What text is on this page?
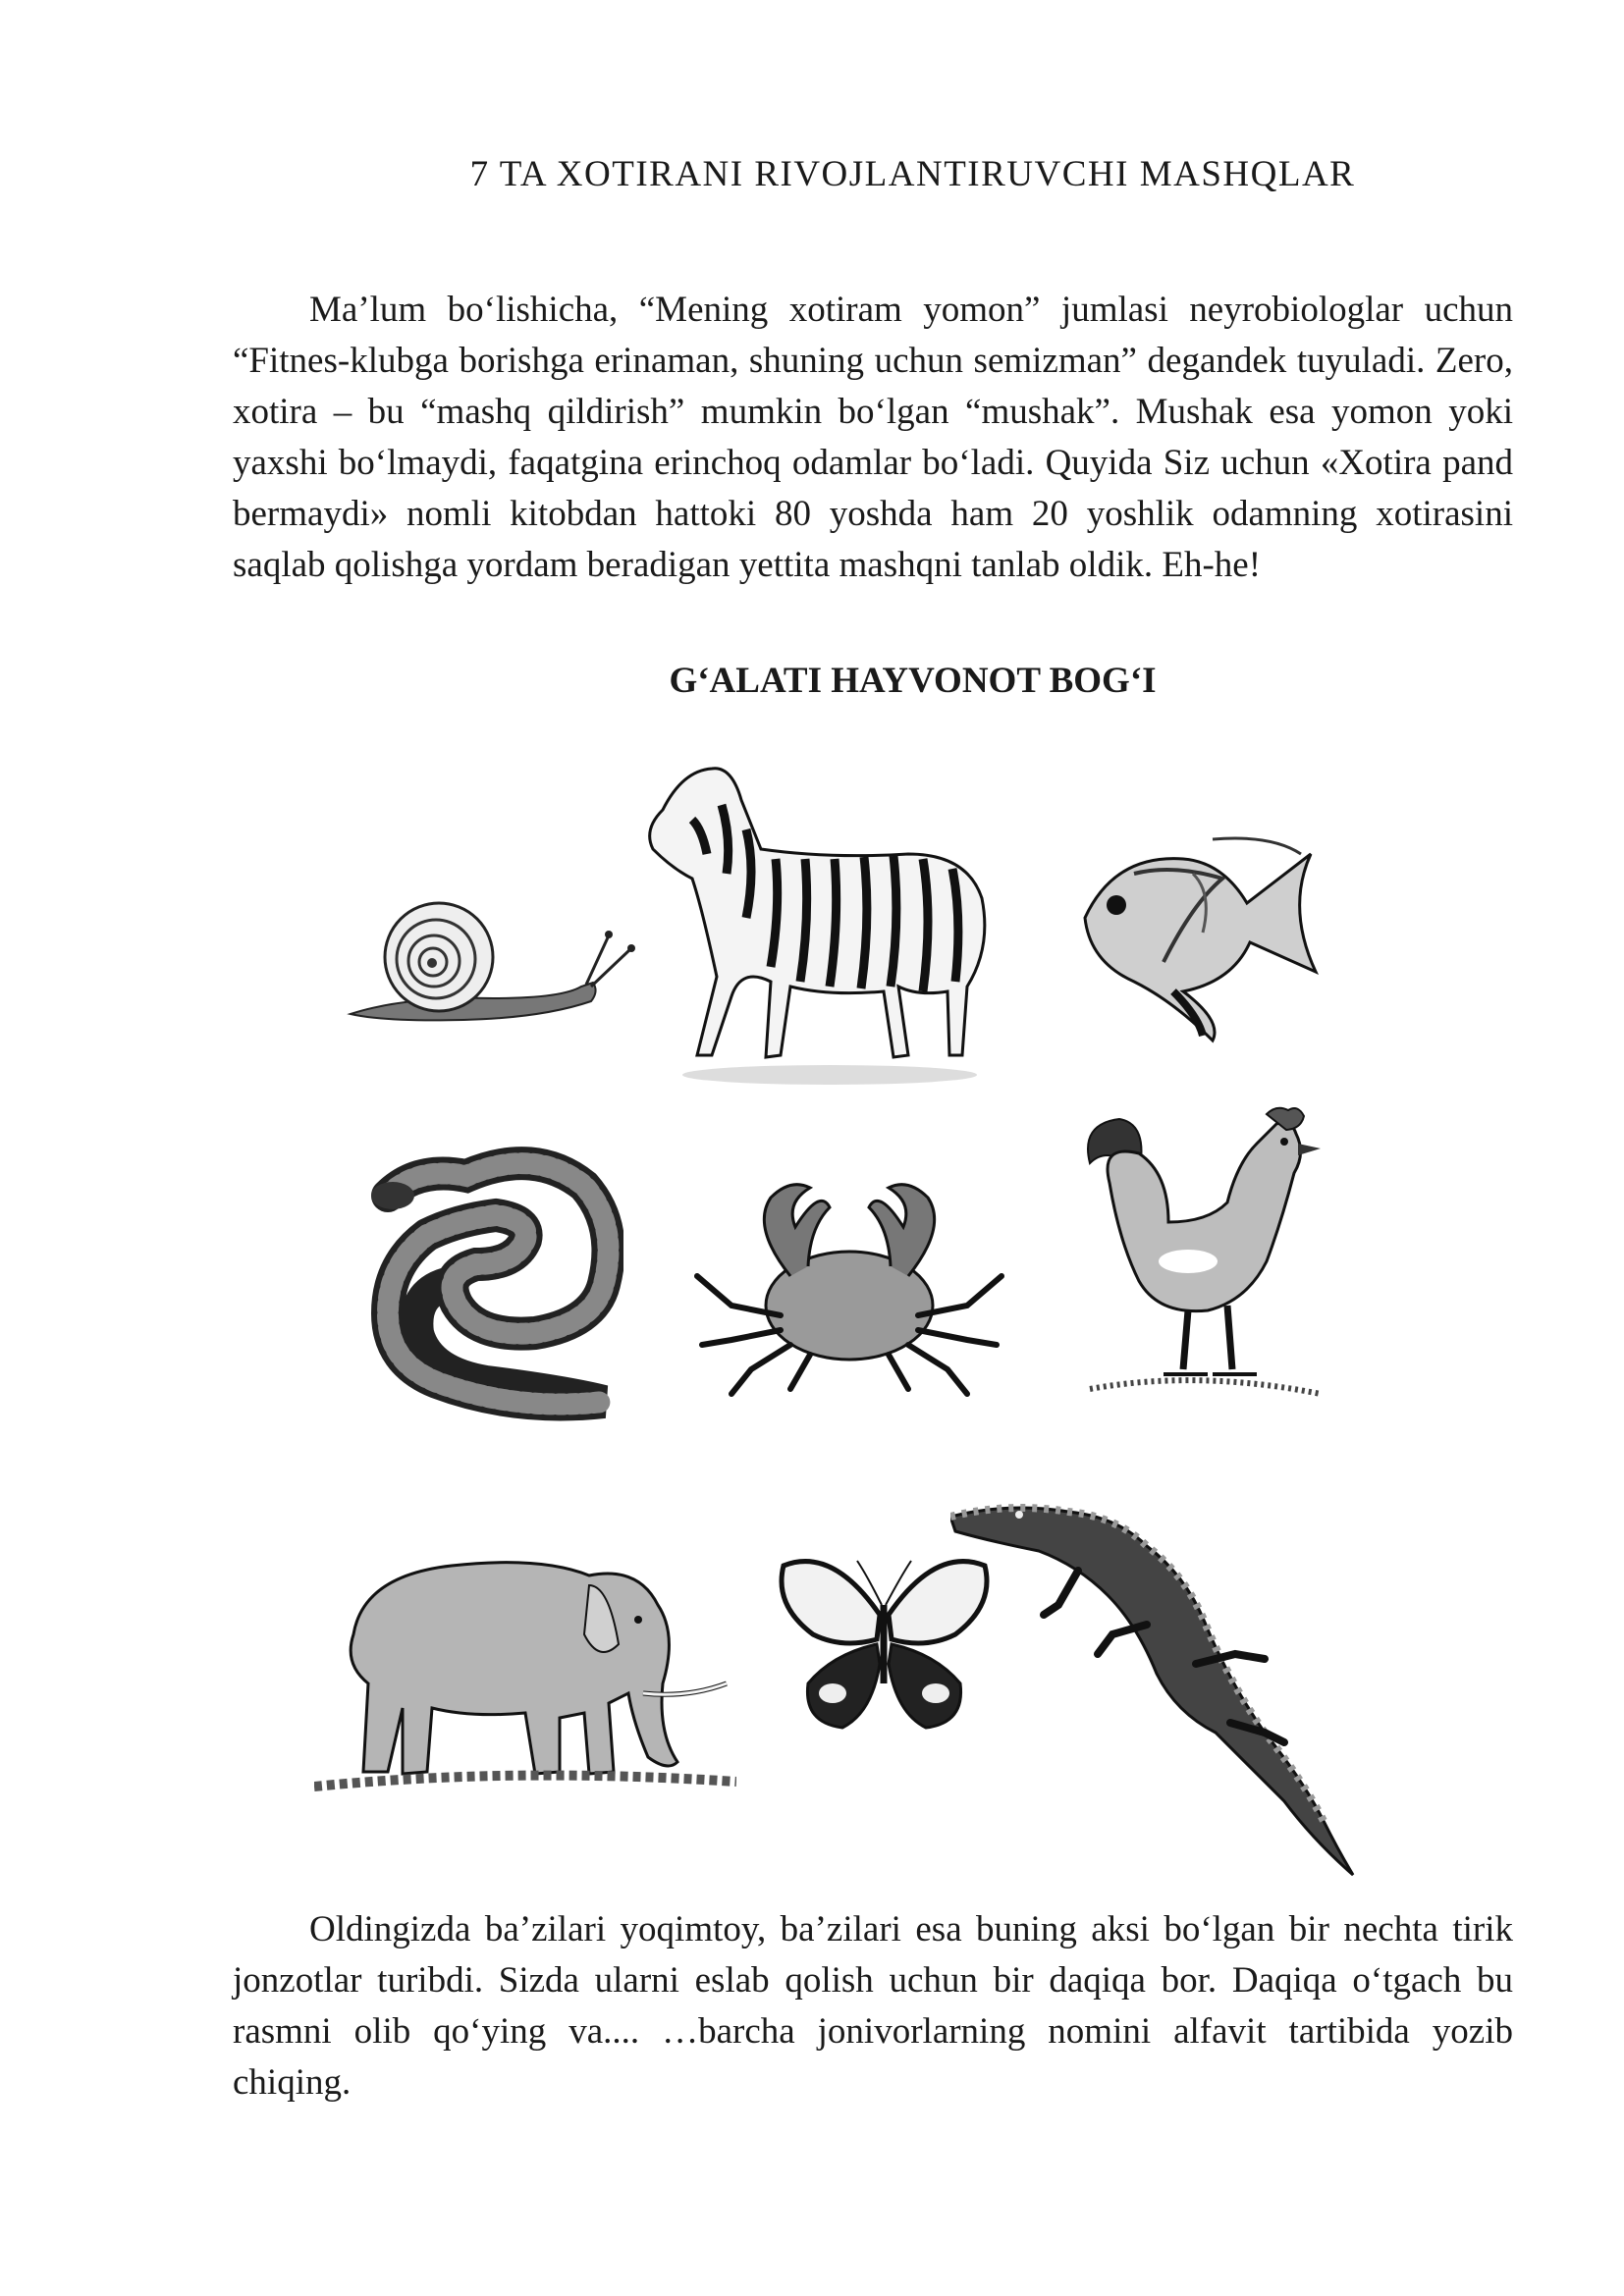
7 TA XOTIRANI RIVOJLANTIRUVCHI MASHQLAR

Ma’lum bo‘lishicha, “Mening xotiram yomon” jumlasi neyrobiologlar uchun “Fitnes-klubga borishga erinaman, shuning uchun semizman” degandek tuyuladi. Zero, xotira – bu “mashq qildirish” mumkin bo‘lgan “mushak”. Mushak esa yomon yoki yaxshi bo‘lmaydi, faqatgina erinchoq odamlar bo‘ladi. Quyida Siz uchun «Xotira pand bermaydi» nomli kitobdan hattoki 80 yoshda ham 20 yoshlik odamning xotirasini saqlab qolishga yordam beradigan yettita mashqni tanlab oldik. Eh-he!

G‘ALATI HAYVONOT BOG‘I

Oldingizda ba’zilari yoqimtoy, ba’zilari esa buning aksi bo‘lgan bir nechta tirik jonzotlar turibdi. Sizda ularni eslab qolish uchun bir daqiqa bor. Daqiqa o‘tgach bu rasmni olib qo‘ying va.... …barcha jonivorlarning nomini alfavit tartibida yozib chiqing.
